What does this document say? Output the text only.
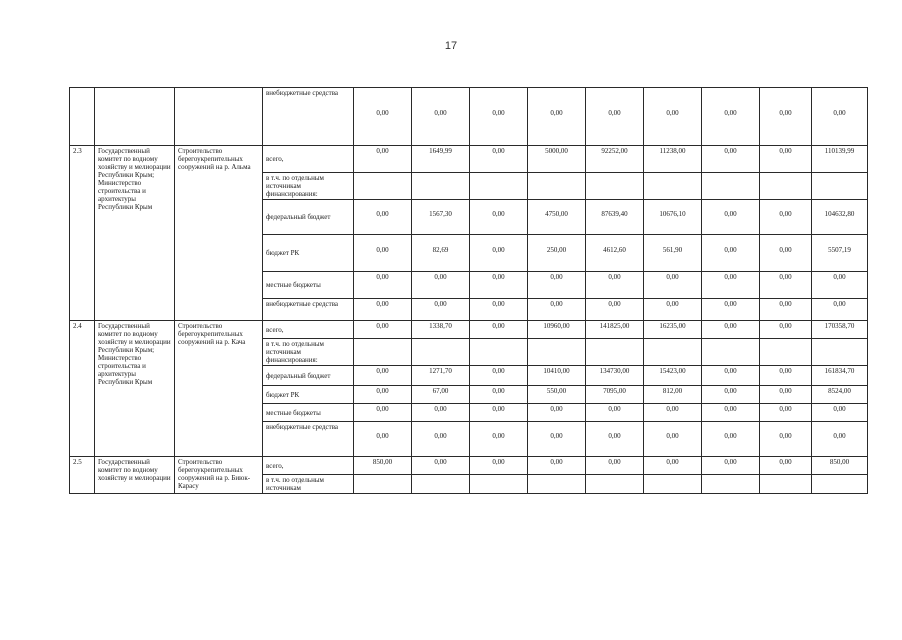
17
			внебюджетные средства	0,00	0,00	0,00	0,00	0,00	0,00	0,00	0,00	0,00
2.3	Государственный комитет по водному хозяйству и мелиорации Республики Крым; Министерство строительства и архитектуры Республики Крым	Строительство берегоукрепительных сооружений на р. Альма	всего,	0,00	1649,99	0,00	5000,00	92252,00	11238,00	0,00	0,00	110139,99
			в т.ч. по отдельным источникам финансирования:									
			федеральный бюджет	0,00	1567,30	0,00	4750,00	87639,40	10676,10	0,00	0,00	104632,80
			бюджет РК	0,00	82,69	0,00	250,00	4612,60	561,90	0,00	0,00	5507,19
			местные бюджеты	0,00	0,00	0,00	0,00	0,00	0,00	0,00	0,00	0,00
			внебюджетные средства	0,00	0,00	0,00	0,00	0,00	0,00	0,00	0,00	0,00
2.4	Государственный комитет по водному хозяйству и мелиорации Республики Крым; Министерство строительства и архитектуры Республики Крым	Строительство берегоукрепительных сооружений на р. Кача	всего,	0,00	1338,70	0,00	10960,00	141825,00	16235,00	0,00	0,00	170358,70
			в т.ч. по отдельным источникам финансирования:									
			федеральный бюджет	0,00	1271,70	0,00	10410,00	134730,00	15423,00	0,00	0,00	161834,70
			бюджет РК	0,00	67,00	0,00	550,00	7095,00	812,00	0,00	0,00	8524,00
			местные бюджеты	0,00	0,00	0,00	0,00	0,00	0,00	0,00	0,00	0,00
			внебюджетные средства	0,00	0,00	0,00	0,00	0,00	0,00	0,00	0,00	0,00
2.5	Государственный комитет по водному хозяйству и мелиорации	Строительство берегоукрепительных сооружений на р. Биюк-Карасу	всего,	850,00	0,00	0,00	0,00	0,00	0,00	0,00	0,00	850,00
			в т.ч. по отдельным источникам									
